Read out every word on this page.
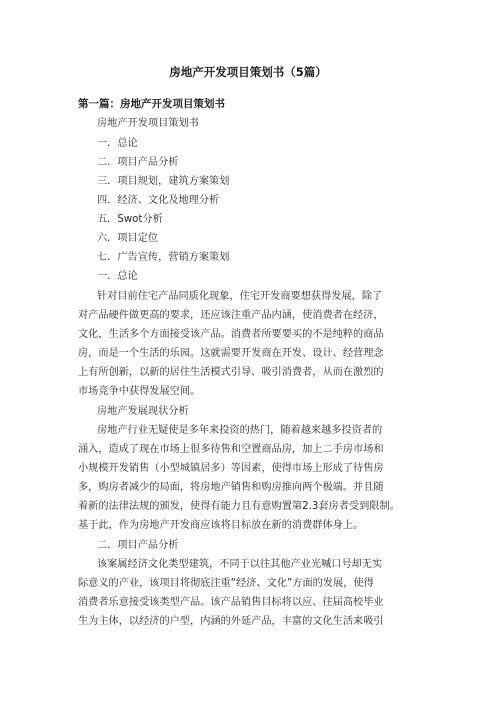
房地产开发项目策划书（5篇）
第一篇：房地产开发项目策划书
房地产开发项目策划书
一．总论
二．项目产品分析
三．项目规划，建筑方案策划
四．经济、文化及地理分析
五．Swot分析
六．项目定位
七．广告宣传，营销方案策划
一．总论
针对目前住宅产品同质化现象，住宅开发商要想获得发展，除了
对产品硬件做更高的要求，还应该注重产品内涵，使消费者在经济，
文化，生活多个方面接受该产品。消费者所要要买的不是纯粹的商品
房，而是一个生活的乐园。这就需要开发商在开发、设计、经营理念
上有所创新，以新的居住生活模式引导、吸引消费者，从而在激烈的
市场竞争中获得发展空间。
房地产发展现状分析
房地产行业无疑使是多年来投资的热门，随着越来越多投资者的
涌入，造成了现在市场上很多待售和空置商品房，加上二手房市场和
小规模开发销售（小型城镇居多）等因素，使得市场上形成了待售房
多，购房者减少的局面，将房地产销售和购房推向两个极端。并且随
着新的法律法规的颁发，使得有能力且有意购置第2.3套房者受到限制。
基于此，作为房地产开发商应该将目标放在新的消费群体身上。
二．项目产品分析
该案属经济文化类型建筑，不同于以往其他产业光喊口号却无实
际意义的产业，该项目将彻底注重“经济、文化”方面的发展，使得
消费者乐意接受该类型产品。该产品销售目标将以应、往届高校毕业
生为主体，以经济的户型，内涵的外延产品，丰富的文化生活来吸引
